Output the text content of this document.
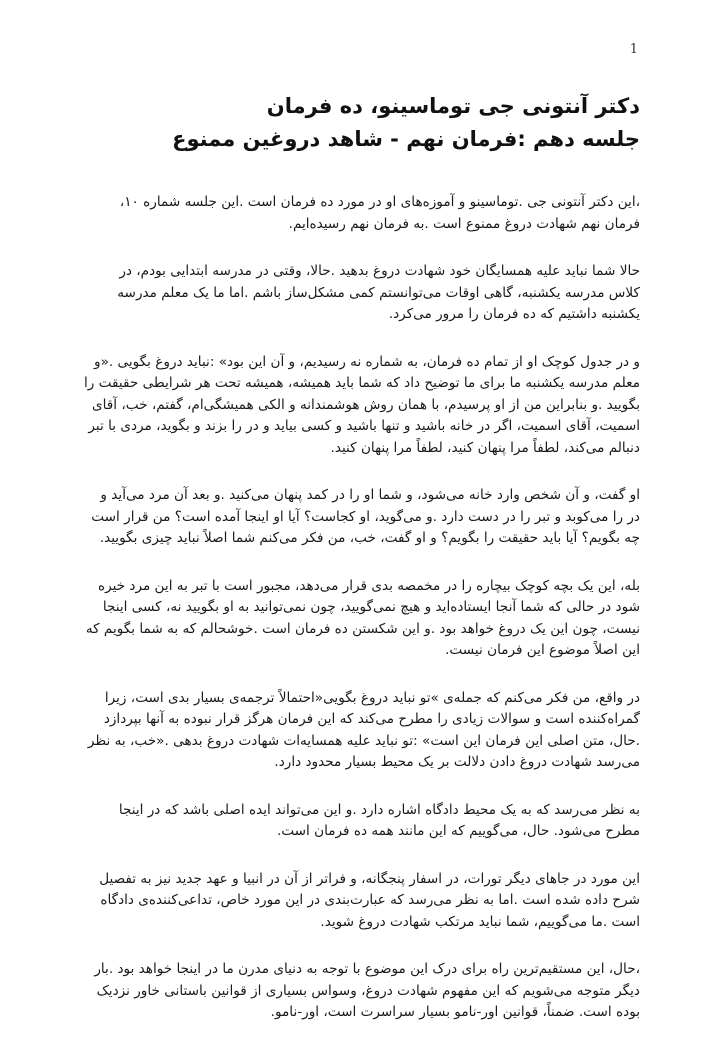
1
دکتر آنتونی جی توماسینو، ده فرمان
جلسه دهم :فرمان نهم - شاهد دروغین ممنوع

،این دکتر آنتونی جی .توماسینو و آموزه‌های او در مورد ده فرمان است .این جلسه شماره ۱۰، فرمان نهم شهادت دروغ ممنوع است .به فرمان نهم رسیده‌ایم.

حالا شما نباید علیه همسایگان خود شهادت دروغ بدهید .حالا، وقتی در مدرسه ابتدایی بودم، در کلاس مدرسه یکشنبه، گاهی اوقات می‌توانستم کمی مشکل‌ساز باشم .اما ما یک معلم مدرسه یکشنبه داشتیم که ده فرمان را مرور می‌کرد.

و در جدول کوچک او از تمام ده فرمان، به شماره نه رسیدیم، و آن این بود» :نباید دروغ بگویی .«و معلم مدرسه یکشنبه ما برای ما توضیح داد که شما باید همیشه، همیشه تحت هر شرایطی حقیقت را بگویید .و بنابراین من از او پرسیدم، با همان روش هوشمندانه و الکی همیشگی‌ام، گفتم، خب، آقای اسمیت، آقای اسمیت، اگر در خانه باشید و تنها باشید و کسی بیاید و در را بزند و بگوید، مردی با تبر دنبالم می‌کند، لطفاً مرا پنهان کنید، لطفاً مرا پنهان کنید.

او گفت، و آن شخص وارد خانه می‌شود، و شما او را در کمد پنهان می‌کنید .و بعد آن مرد می‌آید و در را می‌کوبد و تبر را در دست دارد .و می‌گوید، او کجاست؟ آیا او اینجا آمده است؟ من قرار است چه بگویم؟ آیا باید حقیقت را بگویم؟ و او گفت، خب، من فکر می‌کنم شما اصلاً نباید چیزی بگویید.

بله، این یک بچه کوچک بیچاره را در مخمصه بدی قرار می‌دهد، مجبور است با تبر به این مرد خیره شود در حالی که شما آنجا ایستاده‌اید و هیچ نمی‌گویید، چون نمی‌توانید به او بگویید نه، کسی اینجا نیست، چون این یک دروغ خواهد بود .و این شکستن ده فرمان است .خوشحالم که به شما بگویم که این اصلاً موضوع این فرمان نیست.

در واقع، من فکر می‌کنم که جمله‌ی »تو نباید دروغ بگویی«احتمالاً ترجمه‌ی بسیار بدی است، زیرا گمراه‌کننده است و سوالات زیادی را مطرح می‌کند که این فرمان هرگز قرار نبوده به آنها بپردازد .حال، متن اصلی این فرمان این است» :تو نباید علیه همسایه‌ات شهادت دروغ بدهی .«خب، به نظر می‌رسد شهادت دروغ دادن دلالت بر یک محیط بسیار محدود دارد.

به نظر می‌رسد که به یک محیط دادگاه اشاره دارد .و این می‌تواند ایده اصلی باشد که در اینجا مطرح می‌شود. حال، می‌گوییم که این مانند همه ده فرمان است.

این مورد در جاهای دیگر تورات، در اسفار پنجگانه، و فراتر از آن در انبیا و عهد جدید نیز به تفصیل شرح داده شده است .اما به نظر می‌رسد که عبارت‌بندی در این مورد خاص، تداعی‌کننده‌ی دادگاه است .ما می‌گوییم، شما نباید مرتکب شهادت دروغ شوید.

،حال، این مستقیم‌ترین راه برای درک این موضوع با توجه به دنیای مدرن ما در اینجا خواهد بود .بار دیگر متوجه می‌شویم که این مفهوم شهادت دروغ، وسواس بسیاری از قوانین باستانی خاور نزدیک بوده است. ضمناً، قوانین اور-نامو بسیار سراسرت است، اور-نامو.
